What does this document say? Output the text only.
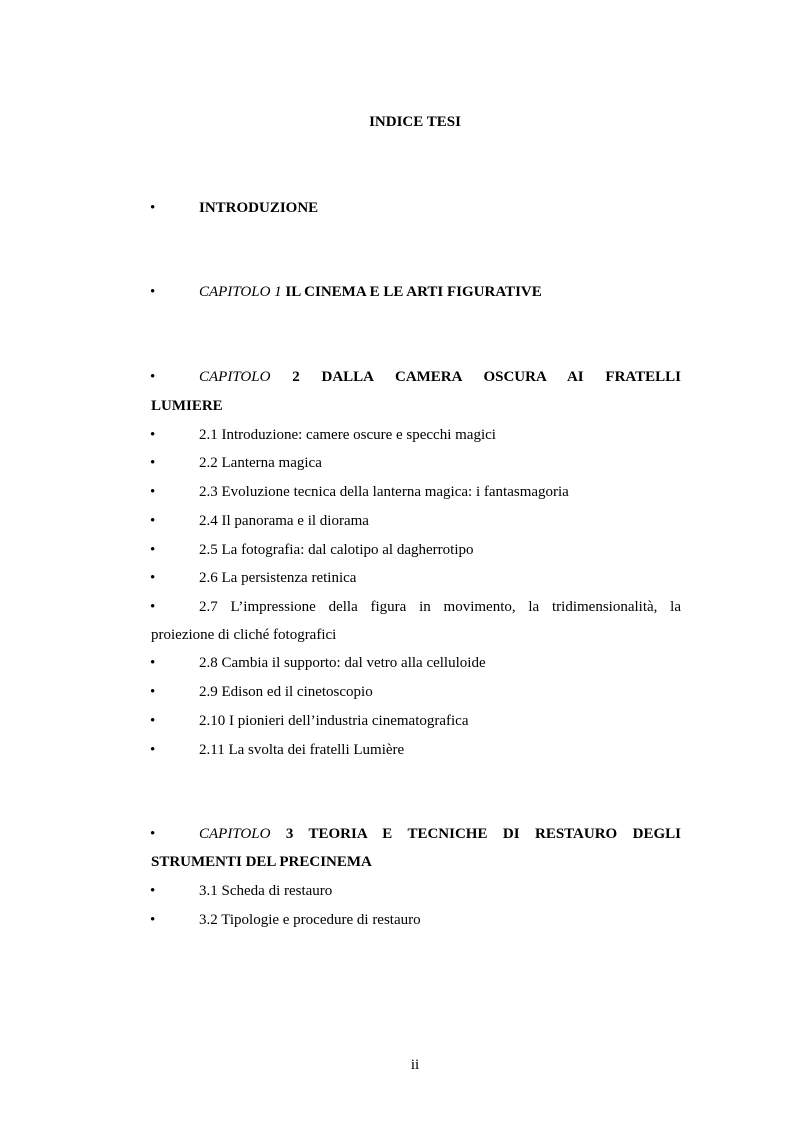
INDICE TESI
•	INTRODUZIONE
•	CAPITOLO 1 IL CINEMA E LE ARTI FIGURATIVE
•	CAPITOLO 2 DALLA CAMERA OSCURA AI FRATELLI
LUMIERE
•	2.1 Introduzione: camere oscure e specchi magici
•	2.2 Lanterna magica
•	2.3 Evoluzione tecnica della lanterna magica: i fantasmagoria
•	2.4 Il panorama e il diorama
•	2.5 La fotografia: dal calotipo al dagherrotipo
•	2.6 La persistenza retinica
•	2.7 L’impressione della figura in movimento, la tridimensionalità, la
proiezione di cliché fotografici
•	2.8 Cambia il supporto: dal vetro alla celluloide
•	2.9 Edison ed il cinetoscopio
•	2.10 I pionieri dell’industria cinematografica
•	2.11 La svolta dei fratelli Lumière
•	CAPITOLO 3 TEORIA E TECNICHE DI RESTAURO DEGLI
STRUMENTI DEL PRECINEMA
•	3.1 Scheda di restauro
•	3.2 Tipologie e procedure di restauro
ii
